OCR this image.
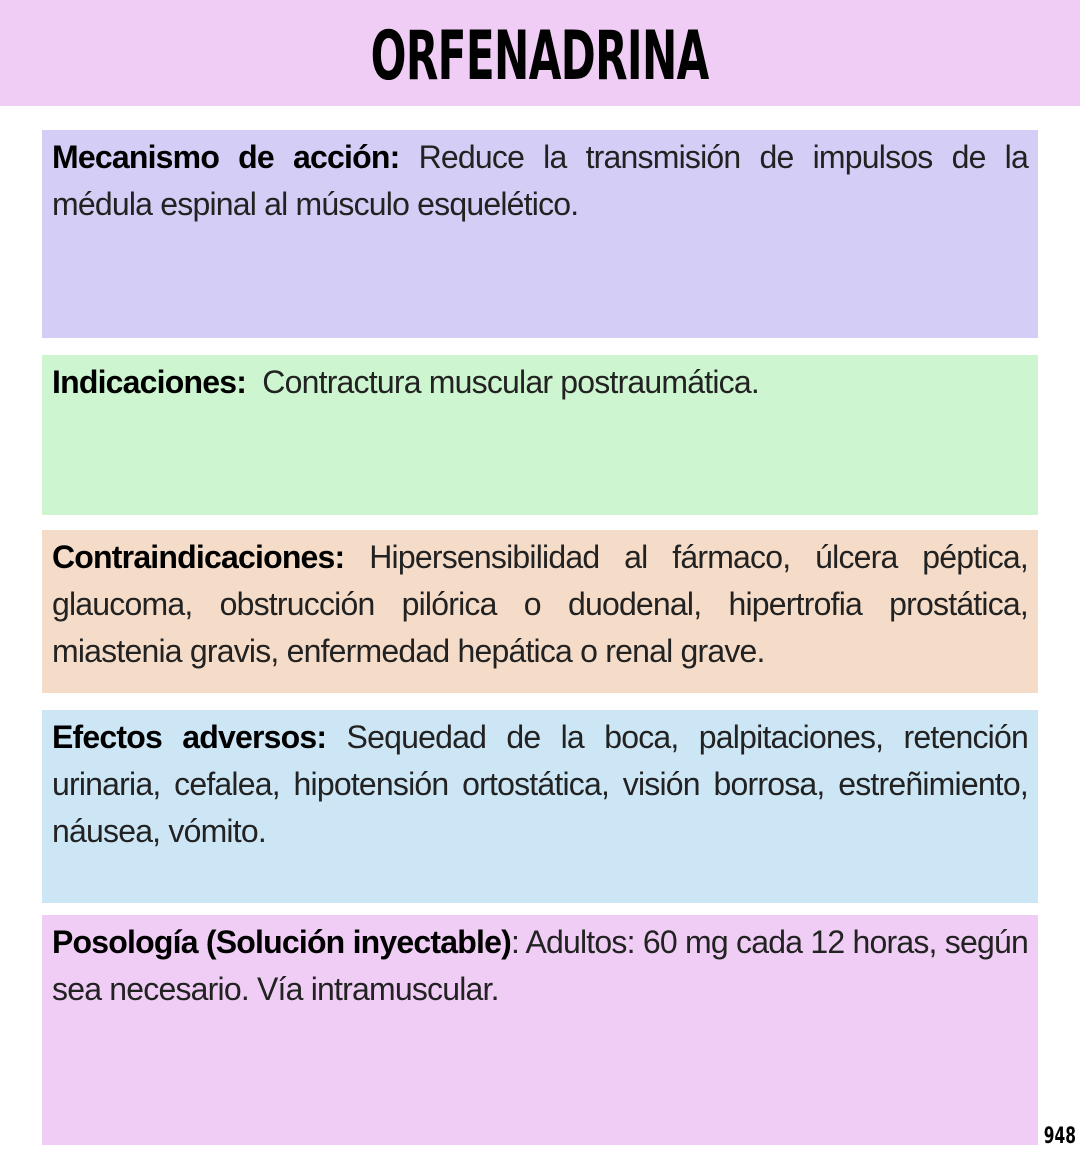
ORFENADRINA

Mecanismo de acción: Reduce la transmisión de impulsos de la médula espinal al músculo esquelético.

Indicaciones: Contractura muscular postraumática.

Contraindicaciones: Hipersensibilidad al fármaco, úlcera péptica, glaucoma, obstrucción pilórica o duodenal, hipertrofia prostática, miastenia gravis, enfermedad hepática o renal grave.

Efectos adversos: Sequedad de la boca, palpitaciones, retención urinaria, cefalea, hipotensión ortostática, visión borrosa, estreñimiento, náusea, vómito.

Posología (Solución inyectable): Adultos: 60 mg cada 12 horas, según sea necesario. Vía intramuscular.

948
